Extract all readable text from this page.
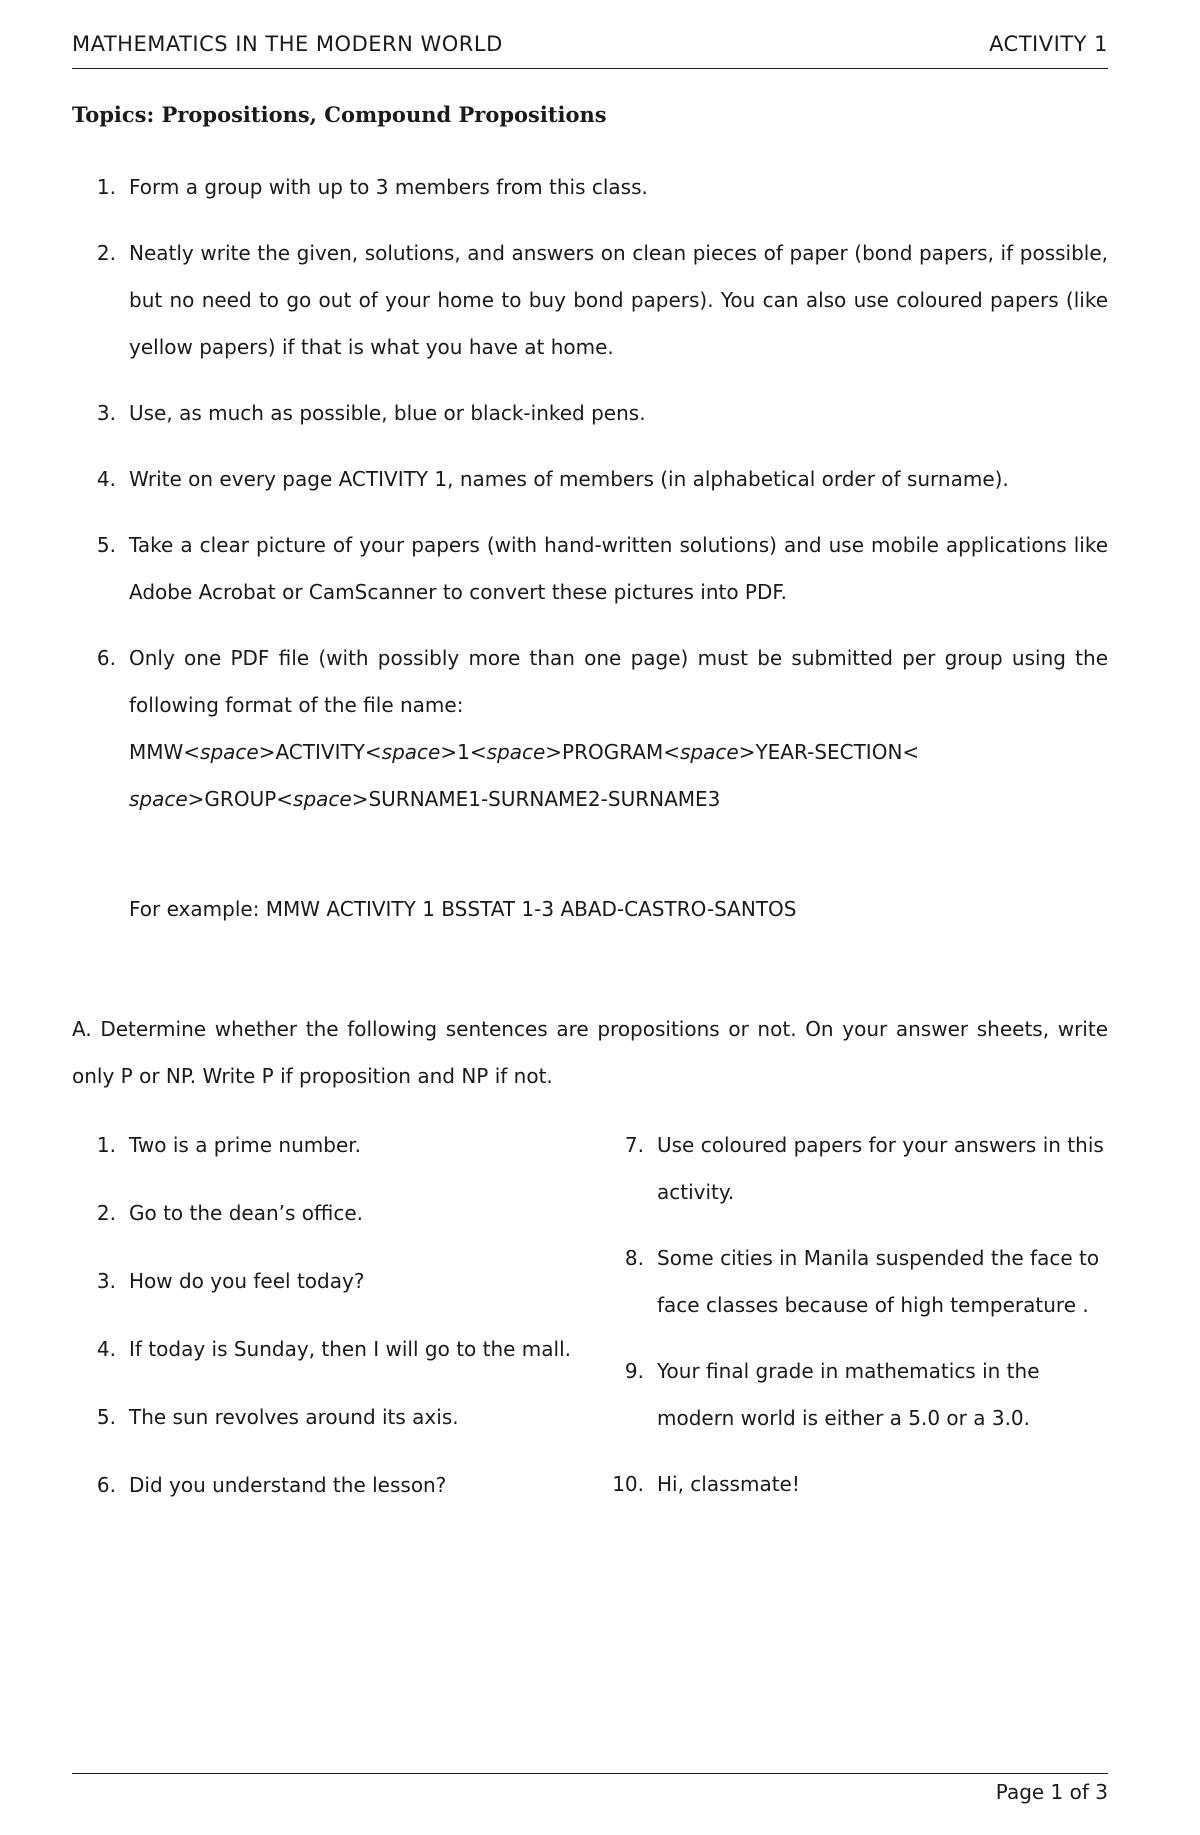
MATHEMATICS IN THE MODERN WORLD	ACTIVITY 1
Topics: Propositions, Compound Propositions
1. Form a group with up to 3 members from this class.
2. Neatly write the given, solutions, and answers on clean pieces of paper (bond papers, if possible, but no need to go out of your home to buy bond papers). You can also use coloured papers (like yellow papers) if that is what you have at home.
3. Use, as much as possible, blue or black-inked pens.
4. Write on every page ACTIVITY 1, names of members (in alphabetical order of surname).
5. Take a clear picture of your papers (with hand-written solutions) and use mobile applications like Adobe Acrobat or CamScanner to convert these pictures into PDF.
6. Only one PDF file (with possibly more than one page) must be submitted per group using the following format of the file name:
MMW<space>ACTIVITY<space>1<space>PROGRAM<space>YEAR-SECTION<
space>GROUP<space>SURNAME1-SURNAME2-SURNAME3
For example: MMW ACTIVITY 1 BSSTAT 1-3 ABAD-CASTRO-SANTOS
A. Determine whether the following sentences are propositions or not. On your answer sheets, write only P or NP. Write P if proposition and NP if not.
1. Two is a prime number.
2. Go to the dean’s office.
3. How do you feel today?
4. If today is Sunday, then I will go to the mall.
5. The sun revolves around its axis.
6. Did you understand the lesson?
7. Use coloured papers for your answers in this activity.
8. Some cities in Manila suspended the face to face classes because of high temperature .
9. Your final grade in mathematics in the modern world is either a 5.0 or a 3.0.
10. Hi, classmate!
Page 1 of 3
